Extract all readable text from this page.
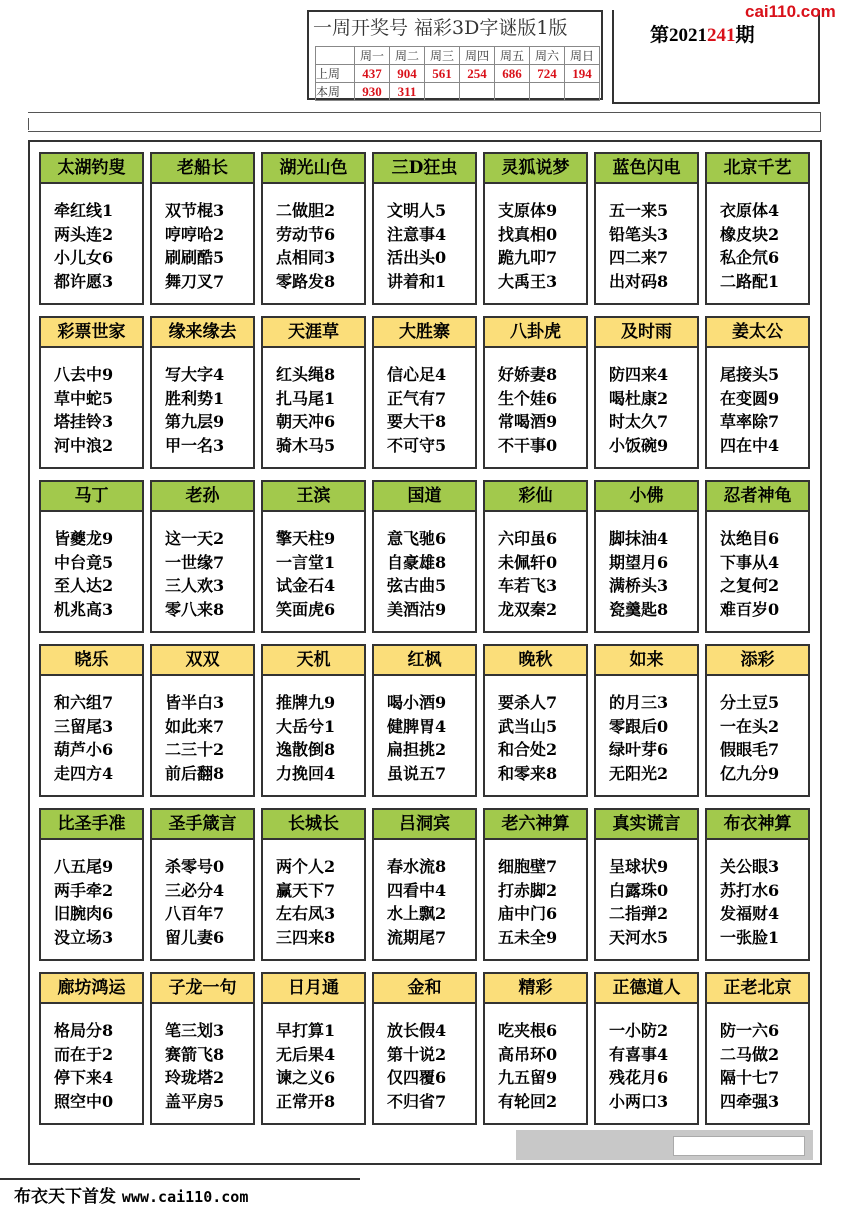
一周开奖号 福彩3D字谜版1版
	周一	周二	周三	周四	周五	周六	周日
上周	437	904	561	254	686	724	194
本周	930	311					
第2021241期
cai110.com
太湖钓叟
牵红线1
两头连2
小儿女6
都许愿3
老船长
双节棍3
哼哼哈2
刷刷酷5
舞刀叉7
湖光山色
二做胆2
劳动节6
点相同3
零路发8
三D狂虫
文明人5
注意事4
活出头0
讲着和1
灵狐说梦
支原体9
找真相0
跪九叩7
大禹王3
蓝色闪电
五一来5
铅笔头3
四二来7
出对码8
北京千艺
衣原体4
橡皮块2
私企氘6
二路配1
彩票世家
八去中9
草中蛇5
塔挂铃3
河中浪2
缘来缘去
写大字4
胜利势1
第九层9
甲一名3
天涯草
红头绳8
扎马尾1
朝天冲6
骑木马5
大胜寨
信心足4
正气有7
要大干8
不可守5
八卦虎
好娇妻8
生个娃6
常喝酒9
不干事0
及时雨
防四来4
喝杜康2
时太久7
小饭碗9
姜太公
尾接头5
在变圆9
草率除7
四在中4
马丁
皆夔龙9
中台竟5
至人达2
机兆高3
老孙
这一天2
一世缘7
三人欢3
零八来8
王滨
擎天柱9
一言堂1
试金石4
笑面虎6
国道
意飞驰6
自豪雄8
弦古曲5
美酒沽9
彩仙
六印虽6
未佩轩0
车若飞3
龙双秦2
小佛
脚抹油4
期望月6
满桥头3
瓷羹匙8
忍者神龟
汰绝目6
下事从4
之复何2
难百岁0
晓乐
和六组7
三留尾3
葫芦小6
走四方4
双双
皆半白3
如此来7
二三十2
前后翻8
天机
推牌九9
大岳兮1
逸散倒8
力挽回4
红枫
喝小酒9
健脾胃4
扁担挑2
虽说五7
晚秋
要杀人7
武当山5
和合处2
和零来8
如来
的月三3
零跟后0
绿叶芽6
无阳光2
添彩
分土豆5
一在头2
假眼毛7
亿九分9
比圣手准
八五尾9
两手牵2
旧腕肉6
没立场3
圣手箴言
杀零号0
三必分4
八百年7
留儿妻6
长城长
两个人2
赢天下7
左右凤3
三四来8
吕洞宾
春水流8
四看中4
水上飘2
流期尾7
老六神算
细胞壁7
打赤脚2
庙中门6
五未全9
真实谎言
呈球状9
白露珠0
二指弹2
天河水5
布衣神算
关公眼3
苏打水6
发福财4
一张脸1
廊坊鸿运
格局分8
而在于2
停下来4
照空中0
子龙一句
笔三划3
赛箭飞8
玲珑塔2
盖平房5
日月通
早打算1
无后果4
谏之义6
正常开8
金和
放长假4
第十说2
仅四覆6
不归省7
精彩
吃夹根6
高吊环0
九五留9
有轮回2
正德道人
一小防2
有喜事4
残花月6
小两口3
正老北京
防一六6
二马做2
隔十七7
四牵强3
布衣天下首发 www.cai110.com
